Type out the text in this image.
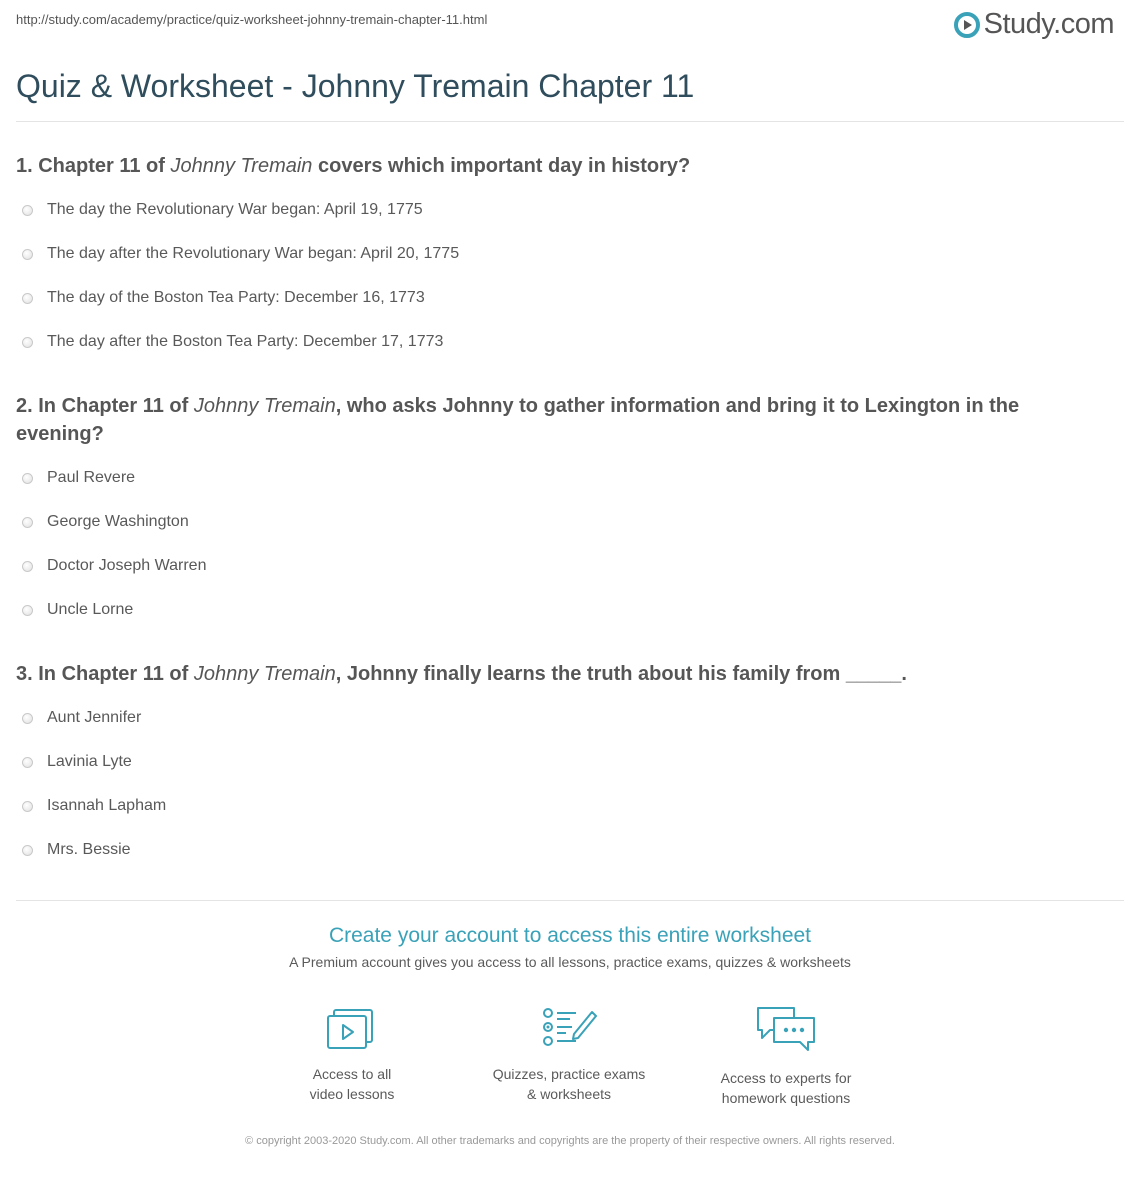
http://study.com/academy/practice/quiz-worksheet-johnny-tremain-chapter-11.html	Study.com
Quiz & Worksheet - Johnny Tremain Chapter 11
1. Chapter 11 of Johnny Tremain covers which important day in history?
The day the Revolutionary War began: April 19, 1775
The day after the Revolutionary War began: April 20, 1775
The day of the Boston Tea Party: December 16, 1773
The day after the Boston Tea Party: December 17, 1773
2. In Chapter 11 of Johnny Tremain, who asks Johnny to gather information and bring it to Lexington in the evening?
Paul Revere
George Washington
Doctor Joseph Warren
Uncle Lorne
3. In Chapter 11 of Johnny Tremain, Johnny finally learns the truth about his family from _____.
Aunt Jennifer
Lavinia Lyte
Isannah Lapham
Mrs. Bessie
Create your account to access this entire worksheet
A Premium account gives you access to all lessons, practice exams, quizzes & worksheets
Access to all
video lessons
Quizzes, practice exams
& worksheets
Access to experts for
homework questions
© copyright 2003-2020 Study.com. All other trademarks and copyrights are the property of their respective owners. All rights reserved.
